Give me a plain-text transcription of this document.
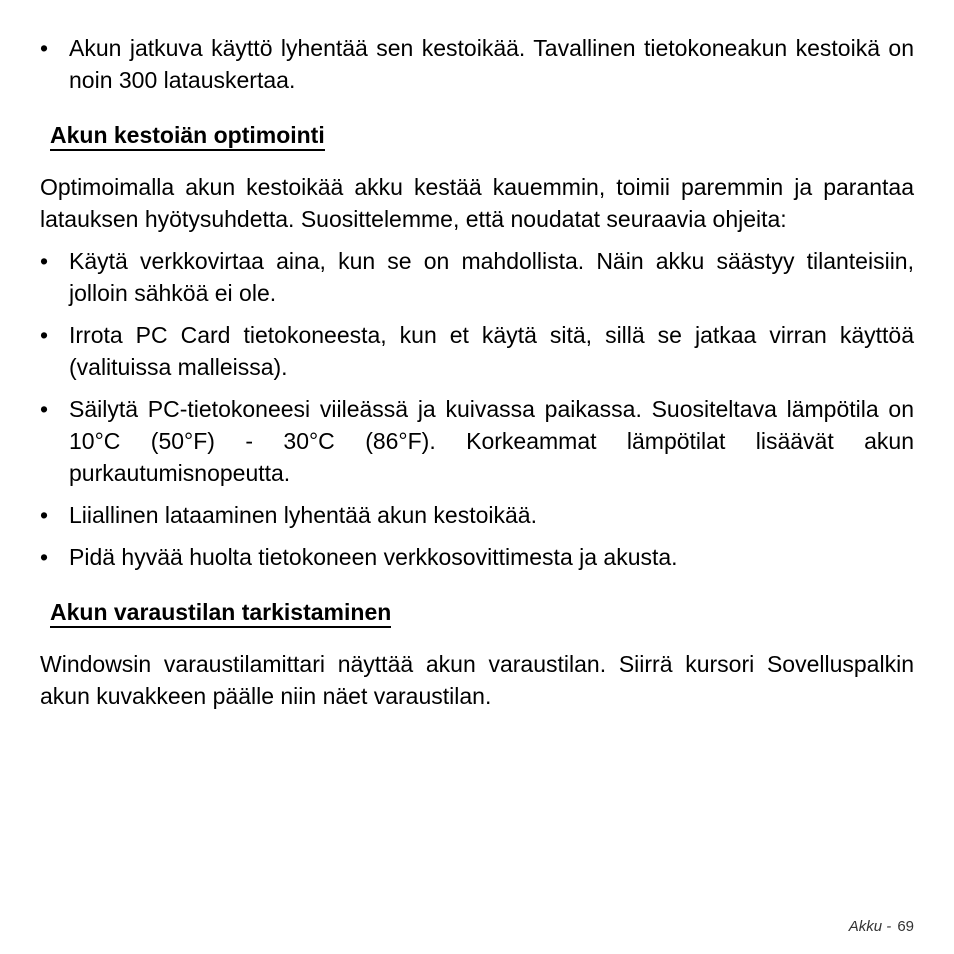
• Akun jatkuva käyttö lyhentää sen kestoikää. Tavallinen tietokoneakun kestoikä on noin 300 latauskertaa.
Akun kestoiän optimointi

Optimoimalla akun kestoikää akku kestää kauemmin, toimii paremmin ja parantaa latauksen hyötysuhdetta. Suosittelemme, että noudatat seuraavia ohjeita:

• Käytä verkkovirtaa aina, kun se on mahdollista. Näin akku säästyy tilanteisiin, jolloin sähköä ei ole.
• Irrota PC Card tietokoneesta, kun et käytä sitä, sillä se jatkaa virran käyttöä (valituissa malleissa).
• Säilytä PC-tietokoneesi viileässä ja kuivassa paikassa. Suositeltava lämpötila on 10°C (50°F) - 30°C (86°F). Korkeammat lämpötilat lisäävät akun purkautumisnopeutta.
• Liiallinen lataaminen lyhentää akun kestoikää.
• Pidä hyvää huolta tietokoneen verkkosovittimesta ja akusta.
Akun varaustilan tarkistaminen

Windowsin varaustilamittari näyttää akun varaustilan. Siirrä kursori Sovelluspalkin akun kuvakkeen päälle niin näet varaustilan.

Akku - 69
